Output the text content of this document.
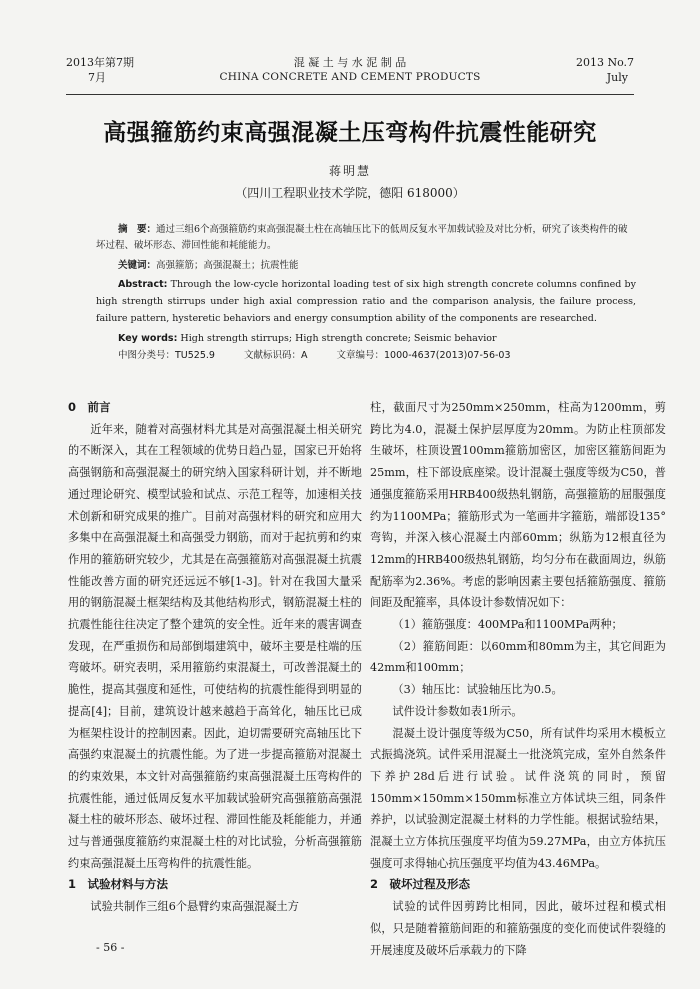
2013年第7期
7月
混 凝 土 与 水 泥 制 品
CHINA CONCRETE AND CEMENT PRODUCTS
2013 No.7
July
高强箍筋约束高强混凝土压弯构件抗震性能研究
蒋明慧
（四川工程职业技术学院，德阳 618000）
摘　要：通过三组6个高强箍筋约束高强混凝土柱在高轴压比下的低周反复水平加载试验及对比分析，研究了该类构件的破坏过程、破坏形态、滞回性能和耗能能力。
关键词：高强箍筋；高强混凝土；抗震性能
Abstract: Through the low-cycle horizontal loading test of six high strength concrete columns confined by high strength stirrups under high axial compression ratio and the comparison analysis, the failure process, failure pattern, hysteretic behaviors and energy consumption ability of the components are researched.
Key words: High strength stirrups; High strength concrete; Seismic behavior
中图分类号：TU525.9	文献标识码：A	文章编号：1000-4637(2013)07-56-03
0　前言

近年来，随着对高强材料尤其是对高强混凝土相关研究的不断深入，其在工程领域的优势日趋凸显，国家已开始将高强钢筋和高强混凝土的研究纳入国家科研计划，并不断地通过理论研究、模型试验和试点、示范工程等，加速相关技术创新和研究成果的推广。目前对高强材料的研究和应用大多集中在高强混凝土和高强受力钢筋，而对于起抗剪和约束作用的箍筋研究较少，尤其是在高强箍筋对高强混凝土抗震性能改善方面的研究还远远不够[1-3]。针对在我国大量采用的钢筋混凝土框架结构及其他结构形式，钢筋混凝土柱的抗震性能往往决定了整个建筑的安全性。近年来的震害调查发现，在严重损伤和局部倒塌建筑中，破坏主要是柱端的压弯破坏。研究表明，采用箍筋约束混凝土，可改善混凝土的脆性，提高其强度和延性，可使结构的抗震性能得到明显的提高[4]；目前，建筑设计越来越趋于高耸化，轴压比已成为框架柱设计的控制因素。因此，迫切需要研究高轴压比下高强约束混凝土的抗震性能。为了进一步提高箍筋对混凝土的约束效果，本文针对高强箍筋约束高强混凝土压弯构件的抗震性能，通过低周反复水平加载试验研究高强箍筋高强混凝土柱的破坏形态、破坏过程、滞回性能及耗能能力，并通过与普通强度箍筋约束混凝土柱的对比试验，分析高强箍筋约束高强混凝土压弯构件的抗震性能。

1　试验材料与方法

试验共制作三组6个悬臂约束高强混凝土方

柱，截面尺寸为250mm×250mm，柱高为1200mm，剪跨比为4.0，混凝土保护层厚度为20mm。为防止柱顶部发生破坏，柱顶设置100mm箍筋加密区，加密区箍筋间距为25mm，柱下部设底座梁。设计混凝土强度等级为C50，普通强度箍筋采用HRB400级热轧钢筋，高强箍筋的屈服强度约为1100MPa；箍筋形式为一笔画井字箍筋，端部设135°弯钩，并深入核心混凝土内部60mm；纵筋为12根直径为12mm的HRB400级热轧钢筋，均匀分布在截面周边，纵筋配筋率为2.36%。考虑的影响因素主要包括箍筋强度、箍筋间距及配箍率，具体设计参数情况如下：

（1）箍筋强度：400MPa和1100MPa两种；

（2）箍筋间距：以60mm和80mm为主，其它间距为42mm和100mm；

（3）轴压比：试验轴压比为0.5。

试件设计参数如表1所示。

混凝土设计强度等级为C50，所有试件均采用木模板立式振捣浇筑。试件采用混凝土一批浇筑完成，室外自然条件下养护28d后进行试验。试件浇筑的同时，预留150mm×150mm×150mm标准立方体试块三组，同条件养护，以试验测定混凝土材料的力学性能。根据试验结果，混凝土立方体抗压强度平均值为59.27MPa，由立方体抗压强度可求得轴心抗压强度平均值为43.46MPa。

2　破坏过程及形态

试验的试件因剪跨比相同，因此，破坏过程和模式相似，只是随着箍筋间距的和箍筋强度的变化而使试件裂缝的开展速度及破坏后承载力的下降

- 56 -
